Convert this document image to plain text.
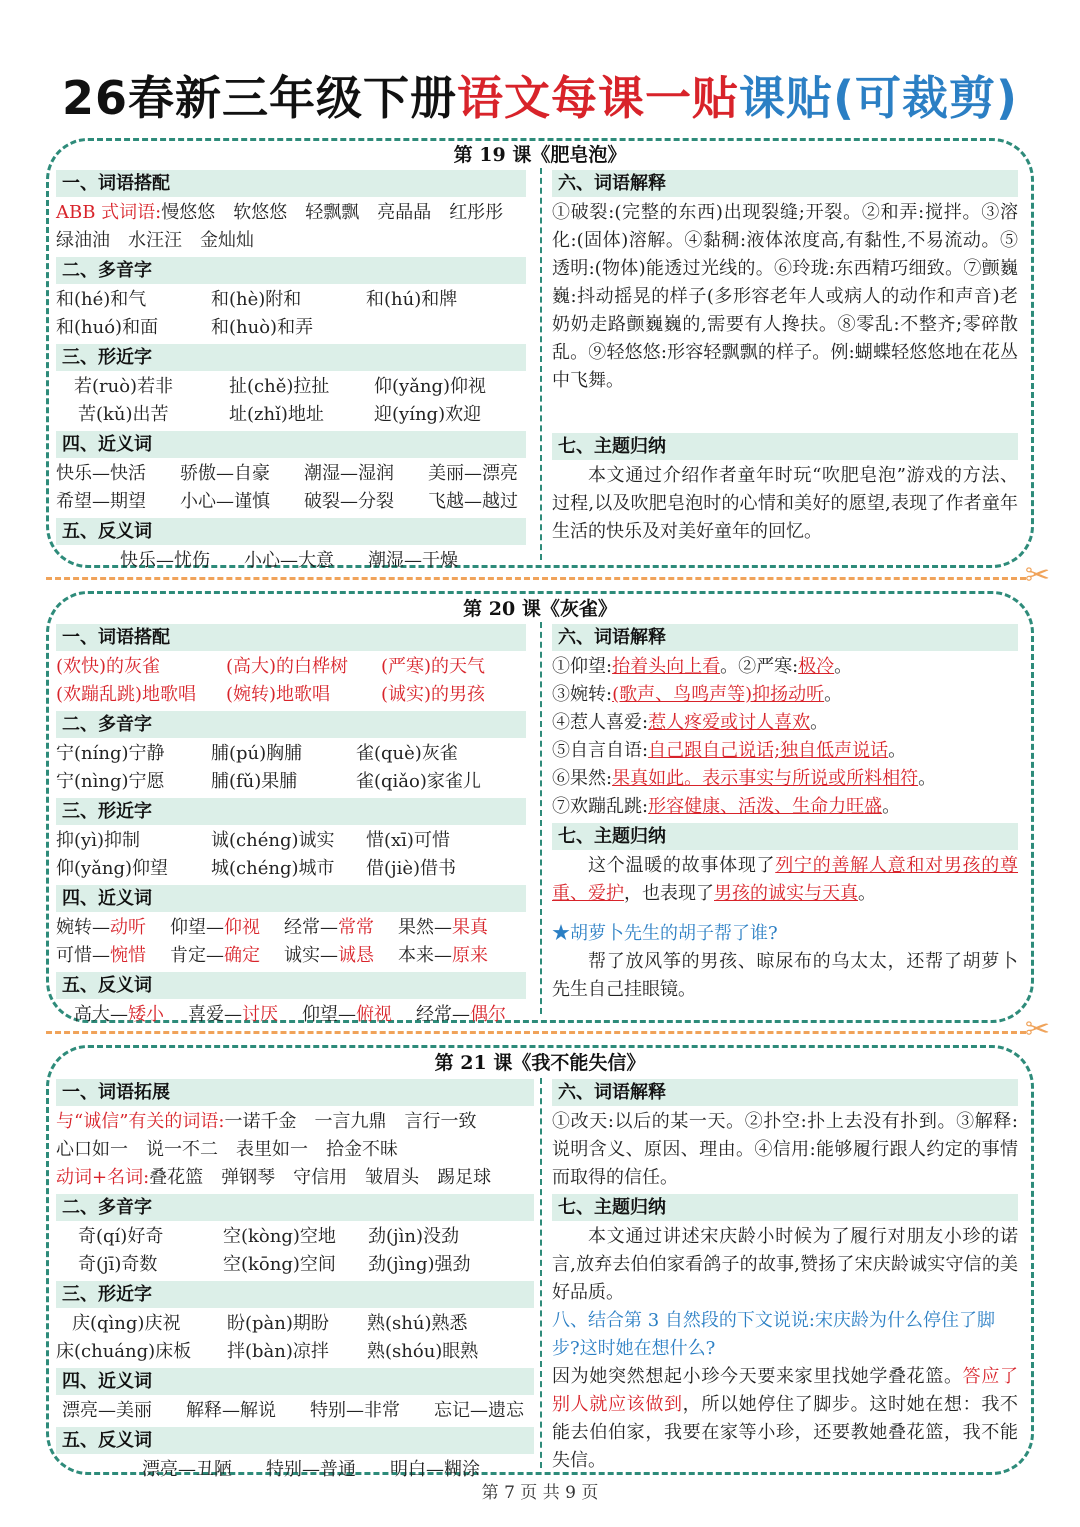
26春新三年级下册语文每课一贴课贴(可裁剪)
第 19 课《肥皂泡》
一、词语搭配
ABB 式词语:慢悠悠　软悠悠　轻飘飘　亮晶晶　红彤彤
绿油油　水汪汪　金灿灿
二、多音字
和(hé)和气	和(hè)附和	和(hú)和牌
和(huó)和面	和(huò)和弄
三、形近字
若(ruò)若非	扯(chě)拉扯 仰(yǎng)仰视
苦(kǔ)出苦	址(zhǐ)地址	迎(yíng)欢迎
四、近义词
快乐—快活 骄傲—自豪 潮湿—湿润 美丽—漂亮
希望—期望 小心—谨慎 破裂—分裂 飞越—越过
五、反义词
快乐—忧伤 小心—大意 潮湿—干燥
六、词语解释
①破裂:(完整的东西)出现裂缝;开裂。②和弄:搅拌。③溶化:(固体)溶解。④黏稠:液体浓度高,有黏性,不易流动。⑤透明:(物体)能透过光线的。⑥玲珑:东西精巧细致。⑦颤巍巍:抖动摇晃的样子(多形容老年人或病人的动作和声音)老奶奶走路颤巍巍的,需要有人搀扶。⑧零乱:不整齐;零碎散乱。⑨轻悠悠:形容轻飘飘的样子。例:蝴蝶轻悠悠地在花丛中飞舞。
七、主题归纳
本文通过介绍作者童年时玩“吹肥皂泡”游戏的方法、过程,以及吹肥皂泡时的心情和美好的愿望,表现了作者童年生活的快乐及对美好童年的回忆。
✂
第 20 课《灰雀》
一、词语搭配
(欢快)的灰雀	(高大)的白桦树 (严寒)的天气
(欢蹦乱跳)地歌唱 (婉转)地歌唱	(诚实)的男孩
二、多音字
宁(níng)宁静	脯(pú)胸脯	雀(què)灰雀
宁(nìng)宁愿	脯(fǔ)果脯	雀(qiǎo)家雀儿
三、形近字
抑(yì)抑制	诚(chéng)诚实 惜(xī)可惜
仰(yǎng)仰望 城(chéng)城市 借(jiè)借书
四、近义词
婉转—动听 仰望—仰视 经常—常常 果然—果真
可惜—惋惜 肯定—确定 诚实—诚恳 本来—原来
五、反义词
高大—矮小 喜爱—讨厌 仰望—俯视 经常—偶尔
六、词语解释
①仰望:抬着头向上看。②严寒:极冷。
③婉转:(歌声、鸟鸣声等)抑扬动听。
④惹人喜爱:惹人疼爱或讨人喜欢。
⑤自言自语:自己跟自己说话;独自低声说话。
⑥果然:果真如此。表示事实与所说或所料相符。
⑦欢蹦乱跳:形容健康、活泼、生命力旺盛。
七、主题归纳
这个温暖的故事体现了列宁的善解人意和对男孩的尊重、爱护，也表现了男孩的诚实与天真。
★胡萝卜先生的胡子帮了谁?
帮了放风筝的男孩、晾尿布的乌太太，还帮了胡萝卜先生自己挂眼镜。
✂
第 21 课《我不能失信》
一、词语拓展
与“诚信”有关的词语:一诺千金　一言九鼎　言行一致
心口如一　说一不二　表里如一　拾金不昧
动词+名词:叠花篮　弹钢琴　守信用　皱眉头　踢足球
二、多音字
奇(qí)好奇	空(kòng)空地 劲(jìn)没劲
奇(jī)奇数	空(kōng)空间 劲(jìng)强劲
三、形近字
庆(qìng)庆祝	盼(pàn)期盼 熟(shú)熟悉
床(chuáng)床板 拌(bàn)凉拌 熟(shóu)眼熟
四、近义词
漂亮—美丽 解释—解说 特别—非常 忘记—遗忘
五、反义词
漂亮—丑陋 特别—普通 明白—糊涂
六、词语解释
①改天:以后的某一天。②扑空:扑上去没有扑到。③解释:说明含义、原因、理由。④信用:能够履行跟人约定的事情而取得的信任。
七、主题归纳
本文通过讲述宋庆龄小时候为了履行对朋友小珍的诺言,放弃去伯伯家看鸽子的故事,赞扬了宋庆龄诚实守信的美好品质。
八、结合第 3 自然段的下文说说:宋庆龄为什么停住了脚步?这时她在想什么?
因为她突然想起小珍今天要来家里找她学叠花篮。答应了别人就应该做到，所以她停住了脚步。这时她在想：我不能去伯伯家，我要在家等小珍，还要教她叠花篮，我不能失信。
第 7 页 共 9 页
